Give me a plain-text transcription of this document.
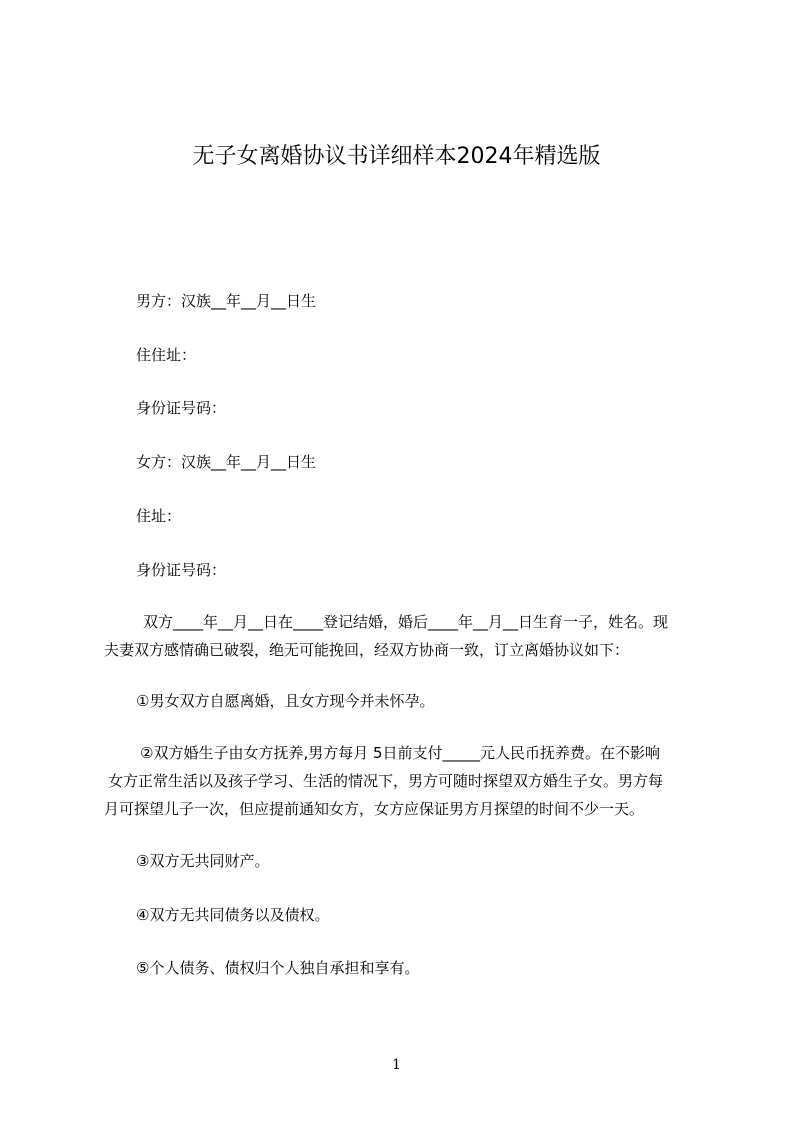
无子女离婚协议书详细样本2024年精选版
男方：汉族__年__月__日生
住住址：
身份证号码：
女方：汉族__年__月__日生
住址：
身份证号码：
双方____年__月__日在____登记结婚，婚后____年__月__日生育一子，姓名。现
夫妻双方感情确已破裂，绝无可能挽回，经双方协商一致，订立离婚协议如下：
①男女双方自愿离婚，且女方现今并未怀孕。
②双方婚生子由女方抚养,男方每月 5日前支付_____元人民币抚养费。在不影响
女方正常生活以及孩子学习、生活的情况下，男方可随时探望双方婚生子女。男方每
月可探望儿子一次，但应提前通知女方，女方应保证男方月探望的时间不少一天。
③双方无共同财产。
④双方无共同债务以及债权。
⑤个人债务、债权归个人独自承担和享有。
1
